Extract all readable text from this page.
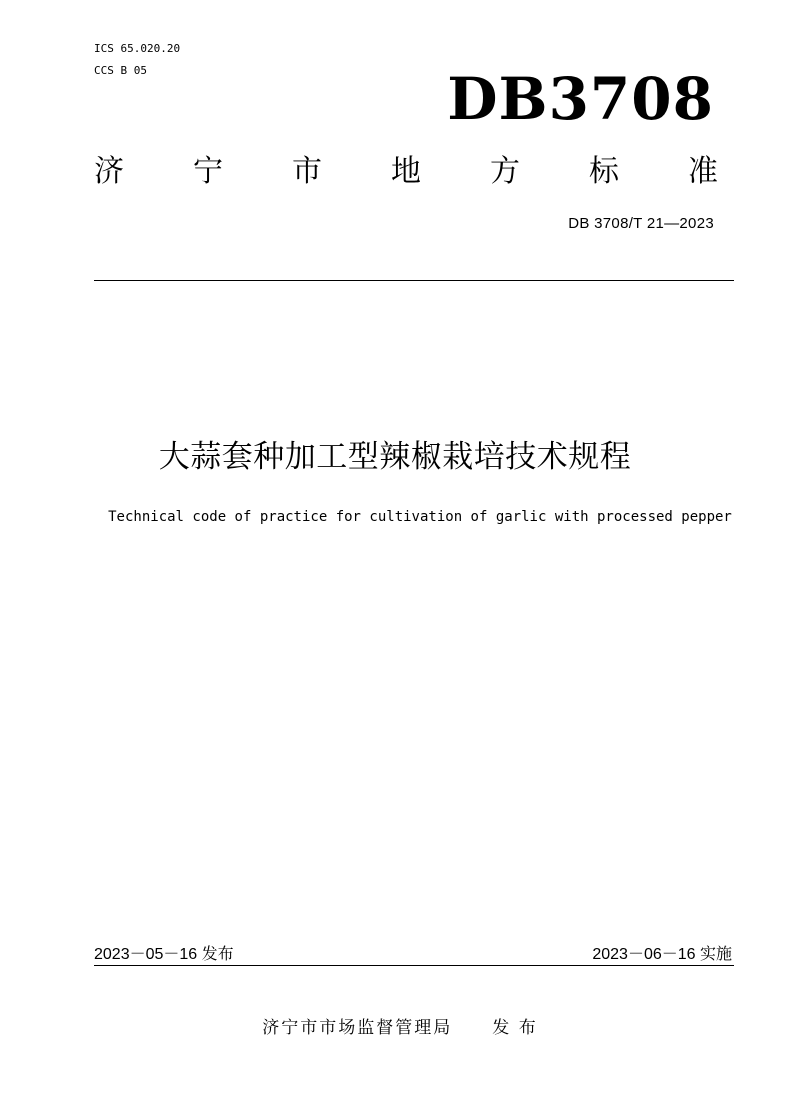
ICS 65.020.20
CCS B 05	DB3708
济 宁 市 地 方 标 准
DB 3708/T 21—2023
大蒜套种加工型辣椒栽培技术规程
Technical code of practice for cultivation of garlic with processed pepper
2023－05－16 发布	2023－06－16 实施
济宁市市场监督管理局 发 布
